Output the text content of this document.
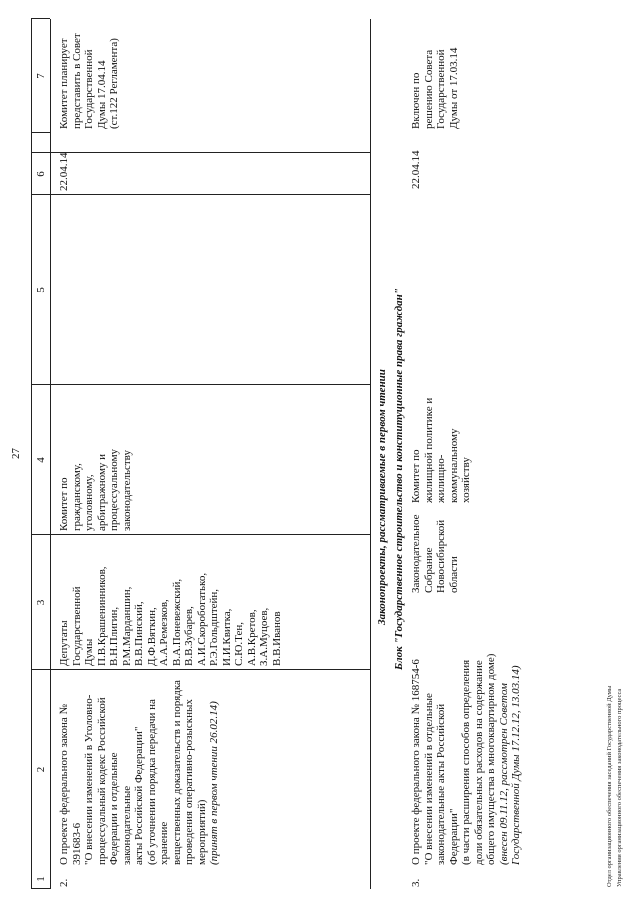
27
1
2
3
4
5
6
7
2.
О проекте федерального закона № 391683-6
"О внесении изменений в Уголовно-
процессуальный кодекс Российской
Федерации и отдельные законодательные
акты Российской Федерации"
(об уточнении порядка передачи на хранение
вещественных доказательств и порядка
проведения оперативно-розыскных
мероприятий)
(принят в первом чтении 26.02.14)
Депутаты
Государственной
Думы
П.В.Крашенинников,
В.Н.Плигин,
Р.М.Марданшин,
В.В.Пинский,
Д.Ф.Вяткин,
А.А.Ремезков,
В.А.Поневежский,
В.В.Зубарев,
А.И.Скоробогатько,
Р.Э.Гольдштейн,
И.И.Квитка,
С.Ю.Тен,
А.В.Кретов,
З.А.Муцоев,
В.В.Иванов
Комитет по
гражданскому,
уголовному,
арбитражному и
процессуальному
законодательству
22.04.14
Комитет планирует
представить в Совет
Государственной
Думы 17.04.14
(ст.122 Регламента)
Законопроекты, рассматриваемые в первом чтении Блок "Государственное строительство и конституционные права граждан"
3.
О проекте федерального закона № 168754-6
"О внесении изменений в отдельные
законодательные акты Российской
Федерации"
(в части расширения способов определения
доли обязательных расходов на содержание
общего имущества в многоквартирном доме)
(внесен 09.11.12, рассмотрен Советом
Государственной Думы 17.12.12, 13.03.14)
Законодательное
Собрание
Новосибирской
области
Комитет по
жилищной политике и
жилищно-
коммунальному
хозяйству
22.04.14
Включен по
решению Совета
Государственной
Думы от 17.03.14
Отдел организационного обеспечения заседаний Государственной Думы Управления организационного обеспечения законодательного процесса
